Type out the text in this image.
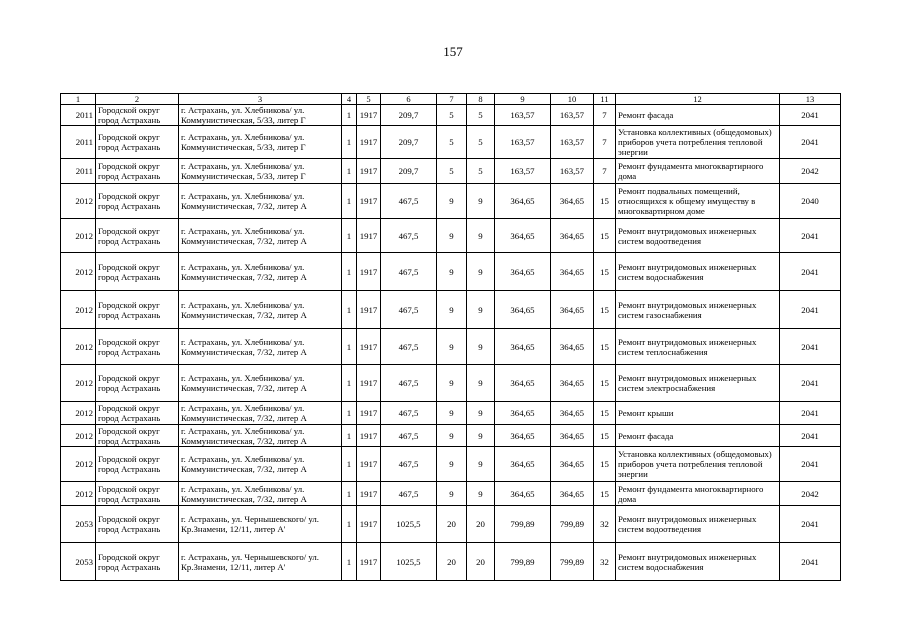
157
1	2	3	4	5	6	7	8	9	10	11	12	13
2011	Городской округ город Астрахань	г. Астрахань, ул. Хлебникова/ ул. Коммунистическая, 5/33, литер Г	1	1917	209,7	5	5	163,57	163,57	7	Ремонт фасада	2041
2011	Городской округ город Астрахань	г. Астрахань, ул. Хлебникова/ ул. Коммунистическая, 5/33, литер Г	1	1917	209,7	5	5	163,57	163,57	7	Установка коллективных (общедомовых) приборов учета потребления тепловой энергии	2041
2011	Городской округ город Астрахань	г. Астрахань, ул. Хлебникова/ ул. Коммунистическая, 5/33, литер Г	1	1917	209,7	5	5	163,57	163,57	7	Ремонт фундамента многоквартирного дома	2042
2012	Городской округ город Астрахань	г. Астрахань, ул. Хлебникова/ ул. Коммунистическая, 7/32, литер А	1	1917	467,5	9	9	364,65	364,65	15	Ремонт подвальных помещений, относящихся к общему имуществу в многоквартирном доме	2040
2012	Городской округ город Астрахань	г. Астрахань, ул. Хлебникова/ ул. Коммунистическая, 7/32, литер А	1	1917	467,5	9	9	364,65	364,65	15	Ремонт внутридомовых инженерных систем водоотведения	2041
2012	Городской округ город Астрахань	г. Астрахань, ул. Хлебникова/ ул. Коммунистическая, 7/32, литер А	1	1917	467,5	9	9	364,65	364,65	15	Ремонт внутридомовых инженерных систем водоснабжения	2041
2012	Городской округ город Астрахань	г. Астрахань, ул. Хлебникова/ ул. Коммунистическая, 7/32, литер А	1	1917	467,5	9	9	364,65	364,65	15	Ремонт внутридомовых инженерных систем газоснабжения	2041
2012	Городской округ город Астрахань	г. Астрахань, ул. Хлебникова/ ул. Коммунистическая, 7/32, литер А	1	1917	467,5	9	9	364,65	364,65	15	Ремонт внутридомовых инженерных систем теплоснабжения	2041
2012	Городской округ город Астрахань	г. Астрахань, ул. Хлебникова/ ул. Коммунистическая, 7/32, литер А	1	1917	467,5	9	9	364,65	364,65	15	Ремонт внутридомовых инженерных систем электроснабжения	2041
2012	Городской округ город Астрахань	г. Астрахань, ул. Хлебникова/ ул. Коммунистическая, 7/32, литер А	1	1917	467,5	9	9	364,65	364,65	15	Ремонт крыши	2041
2012	Городской округ город Астрахань	г. Астрахань, ул. Хлебникова/ ул. Коммунистическая, 7/32, литер А	1	1917	467,5	9	9	364,65	364,65	15	Ремонт фасада	2041
2012	Городской округ город Астрахань	г. Астрахань, ул. Хлебникова/ ул. Коммунистическая, 7/32, литер А	1	1917	467,5	9	9	364,65	364,65	15	Установка коллективных (общедомовых) приборов учета потребления тепловой энергии	2041
2012	Городской округ город Астрахань	г. Астрахань, ул. Хлебникова/ ул. Коммунистическая, 7/32, литер А	1	1917	467,5	9	9	364,65	364,65	15	Ремонт фундамента многоквартирного дома	2042
2053	Городской округ город Астрахань	г. Астрахань, ул. Чернышевского/ ул. Кр.Знамени, 12/11, литер А'	1	1917	1025,5	20	20	799,89	799,89	32	Ремонт внутридомовых инженерных систем водоотведения	2041
2053	Городской округ город Астрахань	г. Астрахань, ул. Чернышевского/ ул. Кр.Знамени, 12/11, литер А'	1	1917	1025,5	20	20	799,89	799,89	32	Ремонт внутридомовых инженерных систем водоснабжения	2041
